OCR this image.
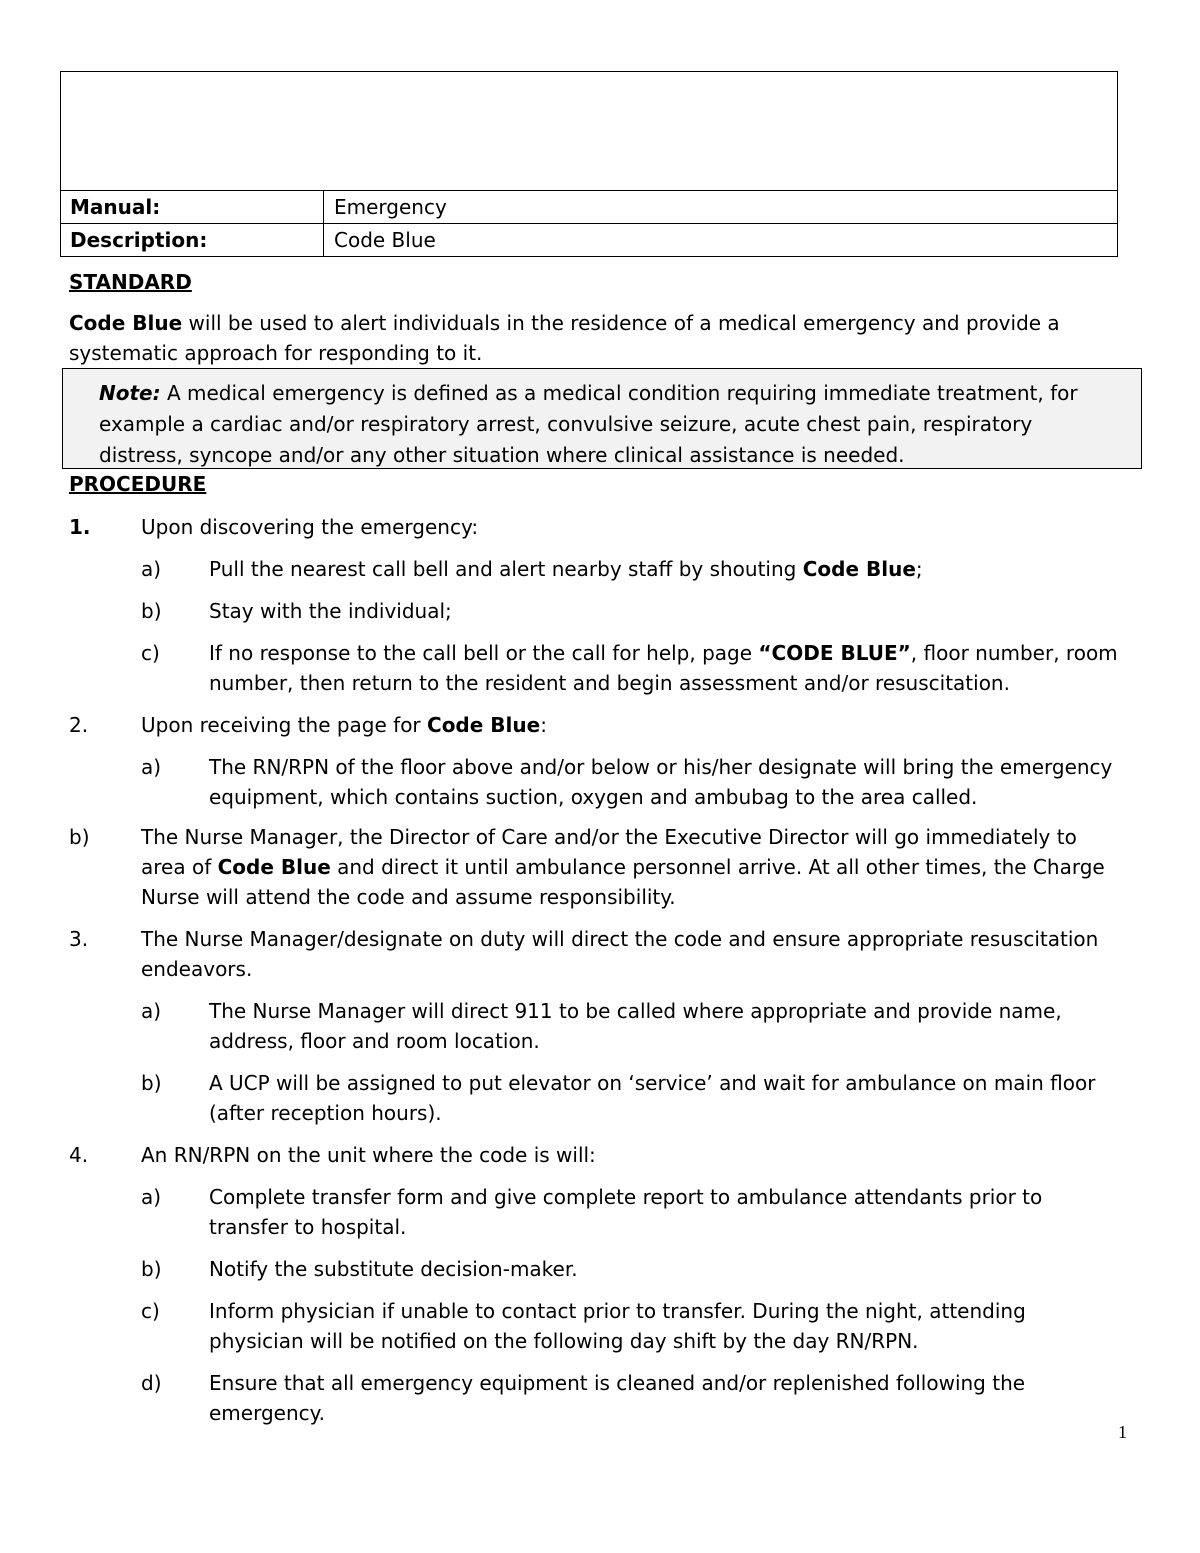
Manual:	Emergency
Description:	Code Blue
STANDARD
Code Blue will be used to alert individuals in the residence of a medical emergency and provide a systematic approach for responding to it.
Note: A medical emergency is defined as a medical condition requiring immediate treatment, for example a cardiac and/or respiratory arrest, convulsive seizure, acute chest pain, respiratory distress, syncope and/or any other situation where clinical assistance is needed.
PROCEDURE
1.	Upon discovering the emergency:
a)	Pull the nearest call bell and alert nearby staff by shouting Code Blue;
b)	Stay with the individual;
c)	If no response to the call bell or the call for help, page “CODE BLUE”, floor number, room number, then return to the resident and begin assessment and/or resuscitation.
2.	Upon receiving the page for Code Blue:
a)	The RN/RPN of the floor above and/or below or his/her designate will bring the emergency equipment, which contains suction, oxygen and ambubag to the area called.
b)	The Nurse Manager, the Director of Care and/or the Executive Director will go immediately to area of Code Blue and direct it until ambulance personnel arrive. At all other times, the Charge Nurse will attend the code and assume responsibility.
3.	The Nurse Manager/designate on duty will direct the code and ensure appropriate resuscitation endeavors.
a)	The Nurse Manager will direct 911 to be called where appropriate and provide name, address, floor and room location.
b)	A UCP will be assigned to put elevator on ‘service’ and wait for ambulance on main floor (after reception hours).
4.	An RN/RPN on the unit where the code is will:
a)	Complete transfer form and give complete report to ambulance attendants prior to transfer to hospital.
b)	Notify the substitute decision-maker.
c)	Inform physician if unable to contact prior to transfer. During the night, attending physician will be notified on the following day shift by the day RN/RPN.
d)	Ensure that all emergency equipment is cleaned and/or replenished following the emergency.
1
